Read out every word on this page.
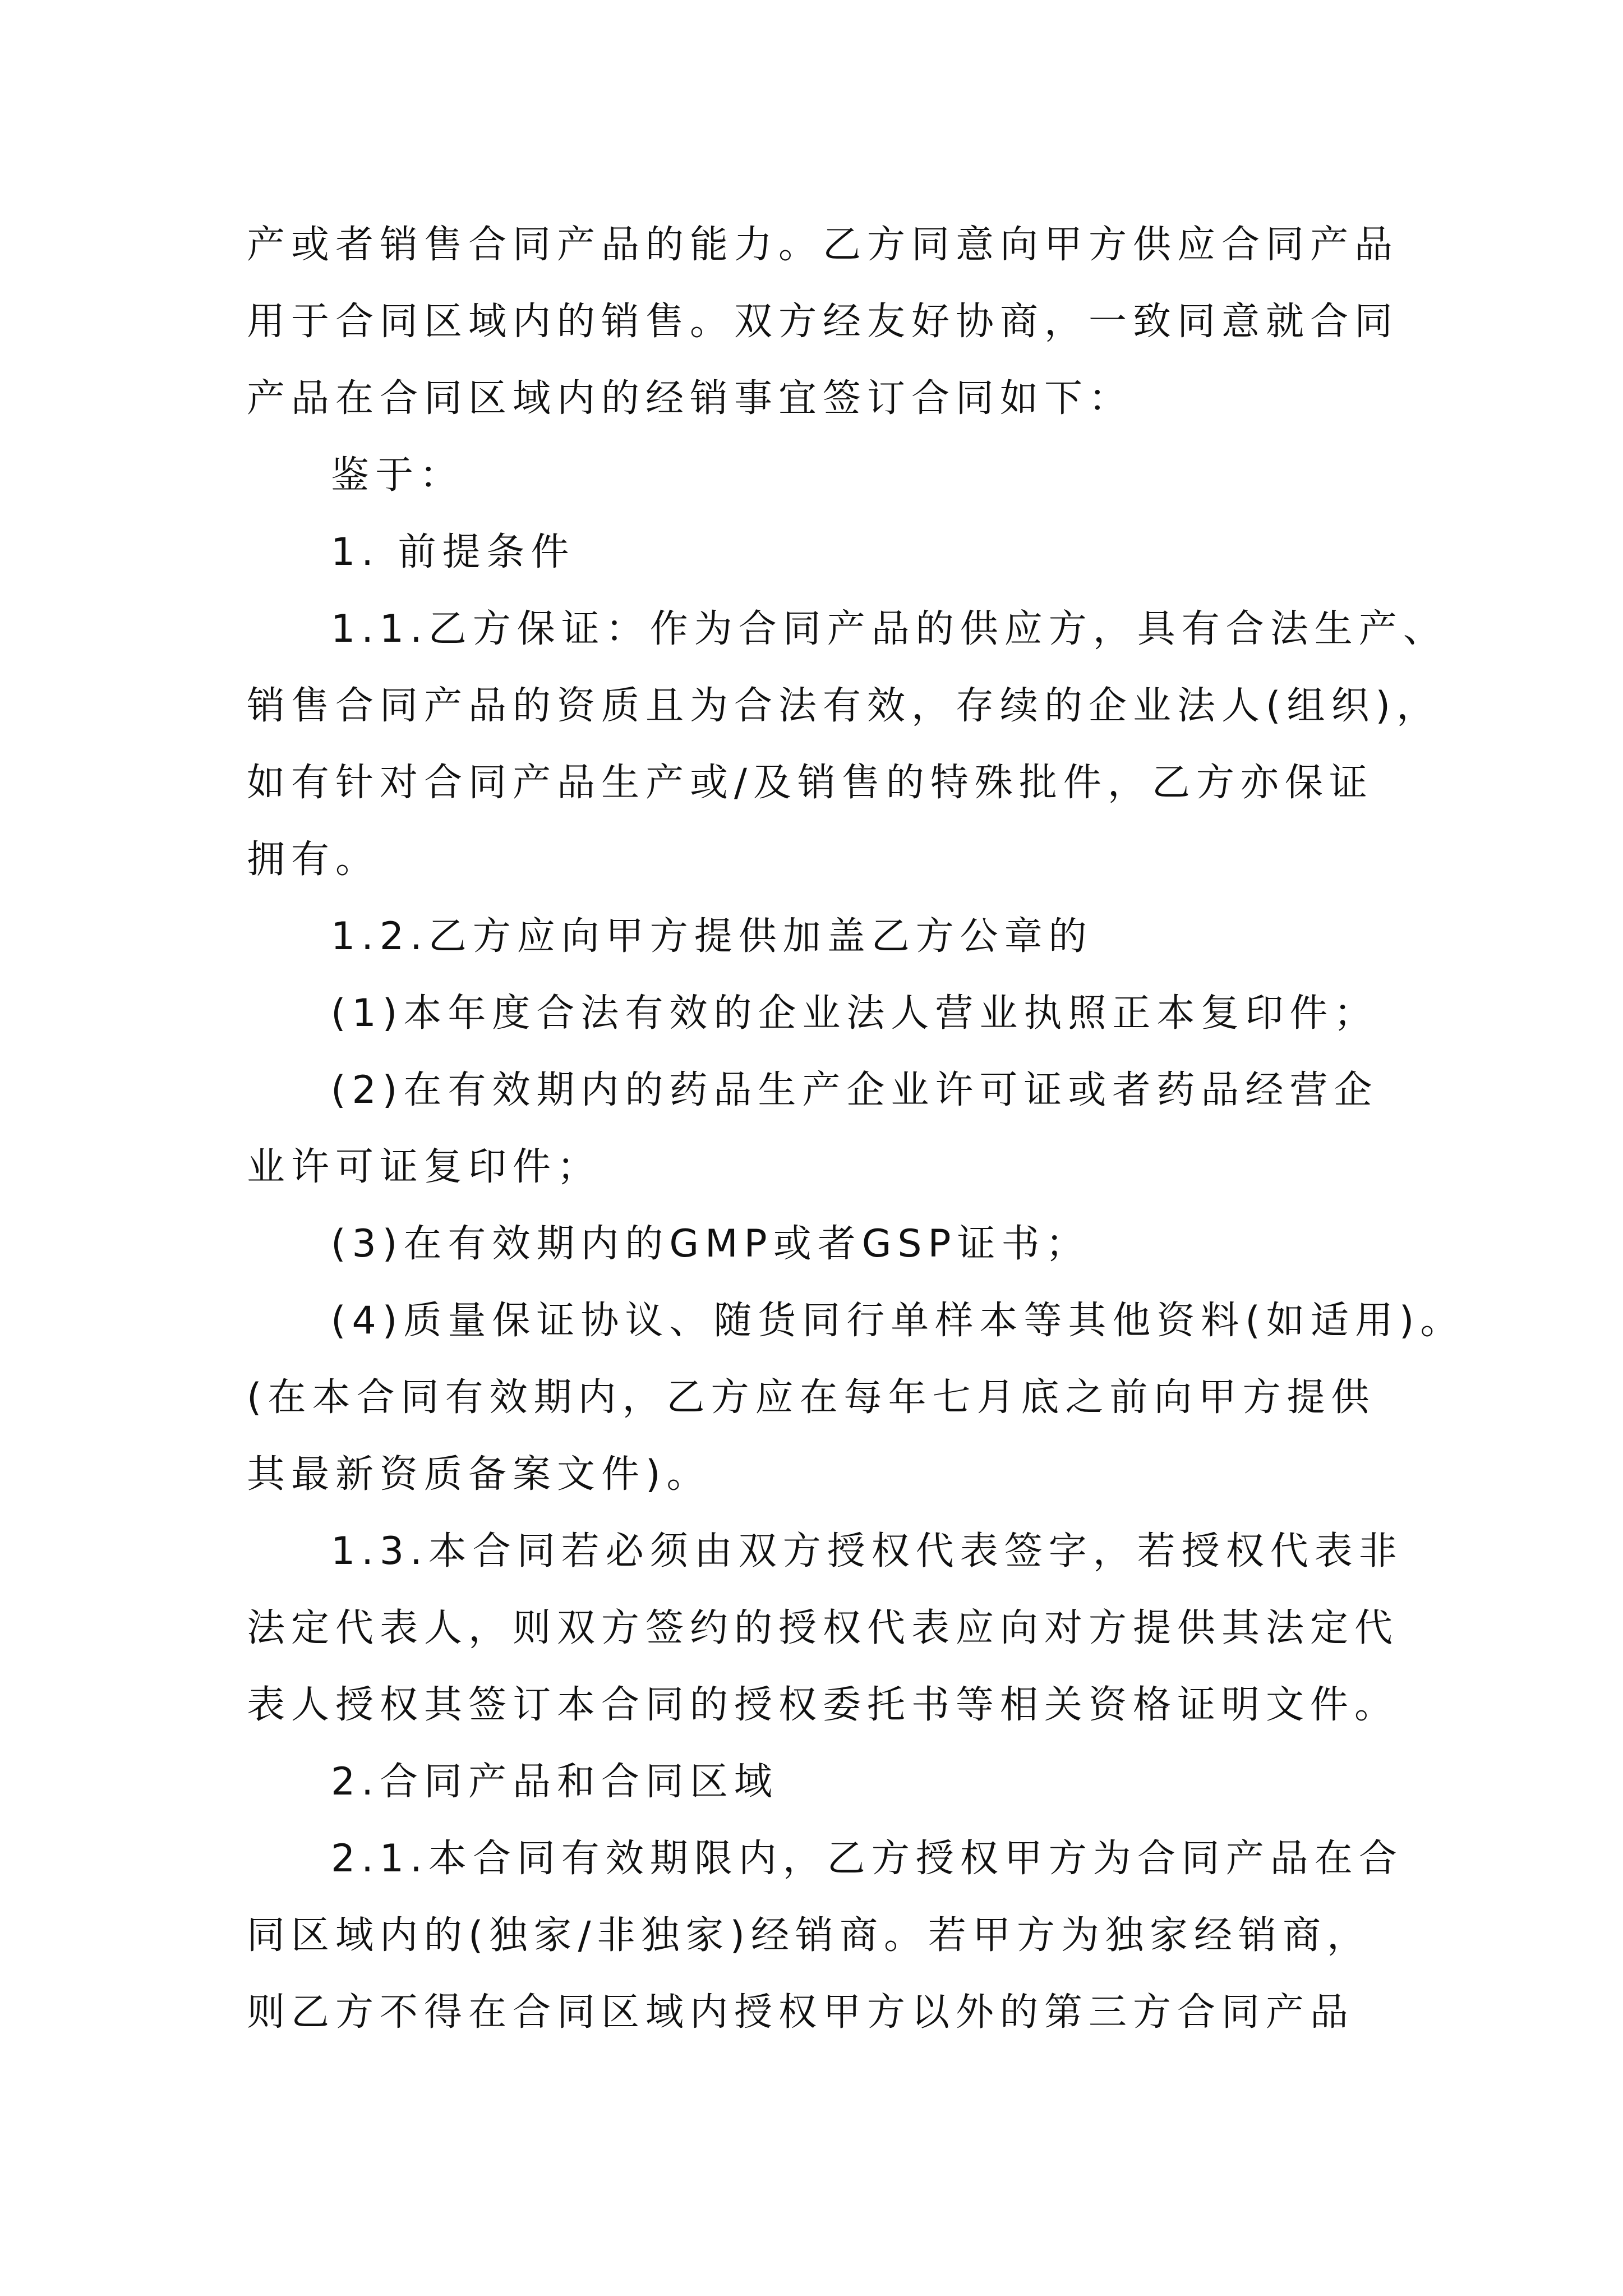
产或者销售合同产品的能力。乙方同意向甲方供应合同产品
用于合同区域内的销售。双方经友好协商，一致同意就合同
产品在合同区域内的经销事宜签订合同如下：
鉴于：
1. 前提条件
1.1.乙方保证：作为合同产品的供应方，具有合法生产、
销售合同产品的资质且为合法有效，存续的企业法人(组织)，
如有针对合同产品生产或/及销售的特殊批件，乙方亦保证
拥有。
1.2.乙方应向甲方提供加盖乙方公章的
(1)本年度合法有效的企业法人营业执照正本复印件；
(2)在有效期内的药品生产企业许可证或者药品经营企
业许可证复印件；
(3)在有效期内的GMP或者GSP证书；
(4)质量保证协议、随货同行单样本等其他资料(如适用)。
(在本合同有效期内，乙方应在每年七月底之前向甲方提供
其最新资质备案文件)。
1.3.本合同若必须由双方授权代表签字，若授权代表非
法定代表人，则双方签约的授权代表应向对方提供其法定代
表人授权其签订本合同的授权委托书等相关资格证明文件。
2.合同产品和合同区域
2.1.本合同有效期限内，乙方授权甲方为合同产品在合
同区域内的(独家/非独家)经销商。若甲方为独家经销商，
则乙方不得在合同区域内授权甲方以外的第三方合同产品
